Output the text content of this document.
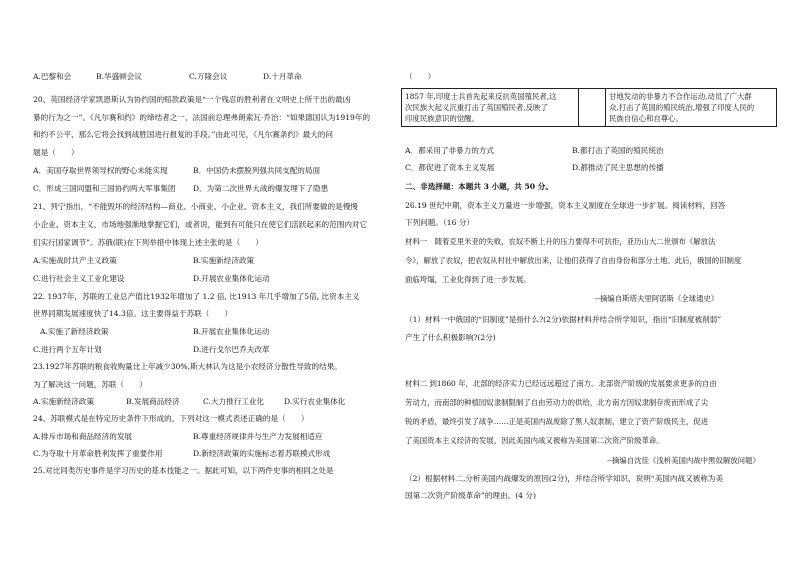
A.巴黎和会	B.华盛顿会议	C.万隆会议	D.十月革命
20、英国经济学家凯恩斯认为协约国的赔款政策是“一个残忍的胜利者在文明史上所干出的最凶
暴的行为之一”。《凡尔赛和约》的缔结者之一、法国前总理弗朗索瓦·乔治：“如果德国认为1919年的
和约不公平，那么它将会找到战胜国进行报复的手段。”由此可见，《凡尔赛条约》最大的问
题是（　　）
A．美国夺取世界领导权的野心未能实现	B．中国仍未摆脱列强共同支配的局面
C．形成三国同盟和三国协约两大军事集团 D．为第二次世界大战的爆发埋下了隐患
21、列宁指出，“不能毁坏的经济结构—商业、小商业、小企业、资本主义，我们所要做的是慢慢
小企业、资本主义，市场地强渐地掌握它们，或者说，能到有可能只在使它们活跃起来的范围内对它
们实行国家调节”。苏俄(联)在下列举措中体现上述主张的是（　　）
A.实施战时共产主义政策	B.实施新经济政策
C.进行社会主义工业化建设	D.开展农业集体化运动
22. 1937年，苏联的工业总产值比1932年增加了 1.2 倍, 比1913 年几乎增加了5倍, 比资本主义
世界同期发展速度快了14.3倍。这主要得益于苏联（　　）
A.实施了新经济政策	B.开展农业集体化运动
C.进行两个五年计划	D.进行戈尔巴乔夫改革
23.1927年苏联的粮食收购量比上年减少30%,斯大林认为这是小农经济分散性导致的结果。
为了解决这一问题，苏联（　　）
A.实施新经济政策	B.发展商品经济	C.大力推行工业化	D.实行农业集体化
24、苏联模式是在特定历史条件下形成的，下列对这一模式表述正确的是（　　）
A.排斥市场和商品经济的发展	B.尊重经济规律并与生产力发展相适应
C.为夺取十月革命胜利发挥了重要作用	D.新经济政策的实施标志着苏联模式形成
25.对比同类历史事件是学习历史的基本技能之一。据此可知，以下两件史事的相同之处是
（　　）
1857 年,印度士兵首先起来反抗英国殖民者,这
次民族大起义沉重打击了英国殖民者,反映了
印度民族意识的觉醒。

甘地发动的非暴力不合作运动,动员了广大群
众,打击了英国的殖民统治,增强了印度人民的
民族自信心和自尊心。
A．都采用了非暴力的方式	B.都打击了英国的殖民统治
C．都促进了资本主义发展	D.都推动了民主思想的传播
二、非选择题：本题共 3 小题，共 50 分。
26.19 世纪中期，资本主义力量进一步增强，资本主义制度在全球进一步扩展。阅读材料，回答
下列问题。（16 分）
材料一　随着克里米亚的失败，农奴不断上升的压力要得不可抗拒，亚历山大二世颁布《解放法
令》，解放了农奴，把农奴从村社中解放出来，让他们获得了自由身份和部分土地。此后，俄国的旧制度
面临垮塌，工业化得到了进一步发展。
--摘编自斯塔夫里阿诺斯《全球通史》
（1）材料一中俄国的“旧制度”是指什么?(2分)依据材料并结合所学知识，指出“旧制度被削弱”
产生了什么积极影响?(2分)
材料二 到1860 年，北部的经济实力已经远远超过了南方。北部资产阶级的发展要求更多的自由
劳动力，而南部的种植园奴隶制限制了自由劳动力的供给，北方南方因奴隶制存废而形成了尖
锐的矛盾，最终引发了战争……正是美国内战废除了黑人奴隶制，建立了资产阶级民主，促进
了美国资本主义经济的发展，因此美国内战又被称为美国第二次资产阶级革命。
--摘编自沈佳《浅析美国内战中黑奴解放问题》
（2）根据材料二,分析美国内战爆发的原因(2分)，并结合所学知识，说明“美国内战又被称为美
国第二次资产阶级革命”的理由。(4 分)
